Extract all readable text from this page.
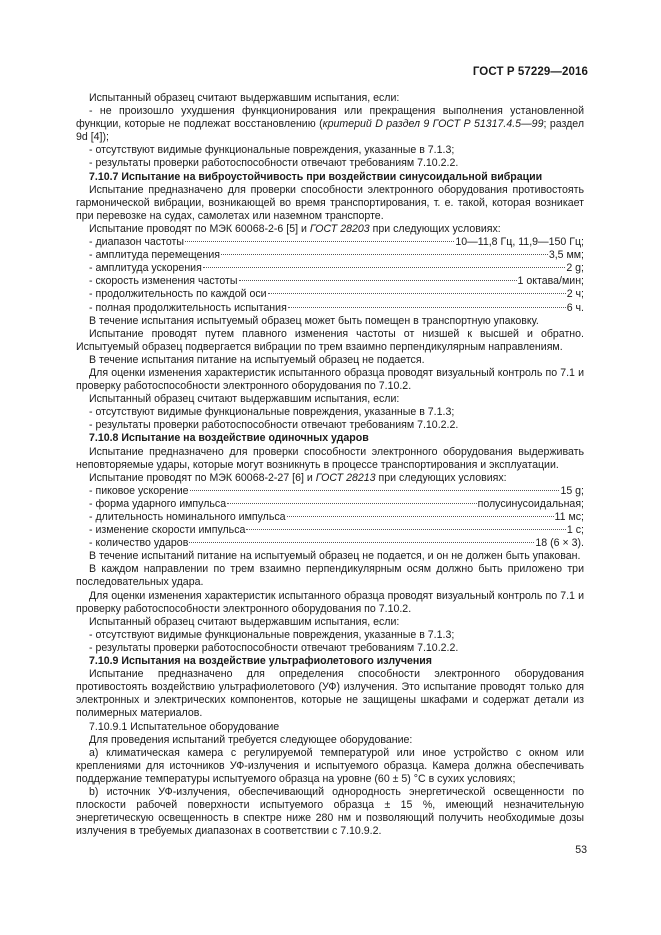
ГОСТ Р 57229—2016

Испытанный образец считают выдержавшим испытания, если:

- не произошло ухудшения функционирования или прекращения выполнения установленной функции, которые не подлежат восстановлению (критерий D раздел 9 ГОСТ Р 51317.4.5—99; раздел 9d [4]);

- отсутствуют видимые функциональные повреждения, указанные в 7.1.3;

- результаты проверки работоспособности отвечают требованиям 7.10.2.2.

7.10.7 Испытание на виброустойчивость при воздействии синусоидальной вибрации

Испытание предназначено для проверки способности электронного оборудования противостоять гармонической вибрации, возникающей во время транспортирования, т. е. такой, которая возникает при перевозке на судах, самолетах или наземном транспорте.

Испытание проводят по МЭК 60068-2-6 [5] и ГОСТ 28203 при следующих условиях:

- диапазон частоты	10—11,8 Гц, 11,9—150 Гц;
- амплитуда перемещения	3,5 мм;
- амплитуда ускорения	2 g;
- скорость изменения частоты	1 октава/мин;
- продолжительность по каждой оси	2 ч;
- полная продолжительность испытания	6 ч.

В течение испытания испытуемый образец может быть помещен в транспортную упаковку.

Испытание проводят путем плавного изменения частоты от низшей к высшей и обратно. Испытуемый образец подвергается вибрации по трем взаимно перпендикулярным направлениям.

В течение испытания питание на испытуемый образец не подается.

Для оценки изменения характеристик испытанного образца проводят визуальный контроль по 7.1 и проверку работоспособности электронного оборудования по 7.10.2.

Испытанный образец считают выдержавшим испытания, если:

- отсутствуют видимые функциональные повреждения, указанные в 7.1.3;

- результаты проверки работоспособности отвечают требованиям 7.10.2.2.

7.10.8 Испытание на воздействие одиночных ударов

Испытание предназначено для проверки способности электронного оборудования выдерживать неповторяемые удары, которые могут возникнуть в процессе транспортирования и эксплуатации.

Испытание проводят по МЭК 60068-2-27 [6] и ГОСТ 28213 при следующих условиях:

- пиковое ускорение	15 g;
- форма ударного импульса	полусинусоидальная;
- длительность номинального импульса	11 мс;
- изменение скорости импульса	1 с;
- количество ударов	18 (6 × 3).

В течение испытаний питание на испытуемый образец не подается, и он не должен быть упакован.

В каждом направлении по трем взаимно перпендикулярным осям должно быть приложено три последовательных удара.

Для оценки изменения характеристик испытанного образца проводят визуальный контроль по 7.1 и проверку работоспособности электронного оборудования по 7.10.2.

Испытанный образец считают выдержавшим испытания, если:

- отсутствуют видимые функциональные повреждения, указанные в 7.1.3;

- результаты проверки работоспособности отвечают требованиям 7.10.2.2.

7.10.9 Испытания на воздействие ультрафиолетового излучения

Испытание предназначено для определения способности электронного оборудования противостоять воздействию ультрафиолетового (УФ) излучения. Это испытание проводят только для электронных и электрических компонентов, которые не защищены шкафами и содержат детали из полимерных материалов.

7.10.9.1 Испытательное оборудование

Для проведения испытаний требуется следующее оборудование:

а) климатическая камера с регулируемой температурой или иное устройство с окном или креплениями для источников УФ-излучения и испытуемого образца. Камера должна обеспечивать поддержание температуры испытуемого образца на уровне (60 ± 5) °С в сухих условиях;

b) источник УФ-излучения, обеспечивающий однородность энергетической освещенности по плоскости рабочей поверхности испытуемого образца ± 15 %, имеющий незначительную энергетическую освещенность в спектре ниже 280 нм и позволяющий получить необходимые дозы излучения в требуемых диапазонах в соответствии с 7.10.9.2.

53
